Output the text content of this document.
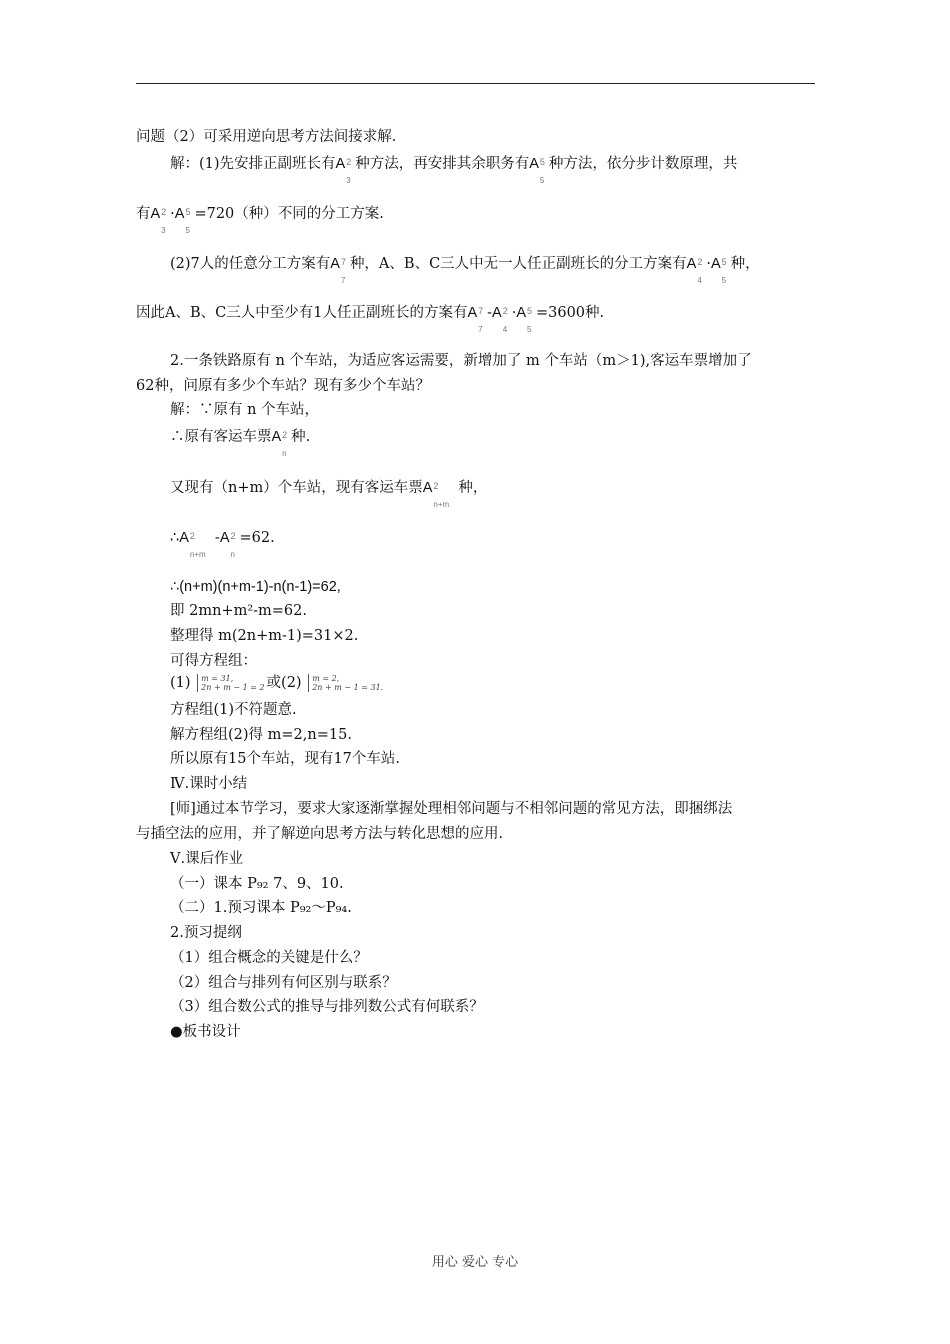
问题（2）可采用逆向思考方法间接求解.
解：(1)先安排正副班长有A 2
3
种方法，再安排其余职务有A 5
5
种方法，依分步计数原理，共
有A 2
3
·A 5
5
=720（种）不同的分工方案.
(2)7人的任意分工方案有A 7
7
种，A、B、C三人中无一人任正副班长的分工方案有A 2
4
·A 5
5
种，
因此A、B、C三人中至少有1人任正副班长的方案有A 7
7
-A 2
4
·A 5
5
=3600种.
2.一条铁路原有 n 个车站，为适应客运需要，新增加了 m 个车站（m＞1),客运车票增加了
62种，问原有多少个车站？现有多少个车站？
解：∵原有 n 个车站，
∴原有客运车票A 2
n
种.
又现有（n+m）个车站，现有客运车票A 2
n+m
种，
∴A 2
n+m
-A 2
n
=62.
∴(n+m)(n+m-1)-n(n-1)=62,
即 2mn+m²-m=62.
整理得 m(2n+m-1)=31×2.
可得方程组：
(1) m = 31,
2n + m − 1 = 2 或(2) m = 2,
2n + m − 1 = 31.
方程组(1)不符题意.
解方程组(2)得 m=2,n=15.
所以原有15个车站，现有17个车站.
Ⅳ.课时小结
[师]通过本节学习，要求大家逐渐掌握处理相邻问题与不相邻问题的常见方法，即捆绑法
与插空法的应用，并了解逆向思考方法与转化思想的应用.
Ⅴ.课后作业
（一）课本 P₉₂ 7、9、10.
（二）1.预习课本 P₉₂～P₉₄.
2.预习提纲
（1）组合概念的关键是什么？
（2）组合与排列有何区别与联系？
（3）组合数公式的推导与排列数公式有何联系？
●板书设计
用心 爱心 专心
